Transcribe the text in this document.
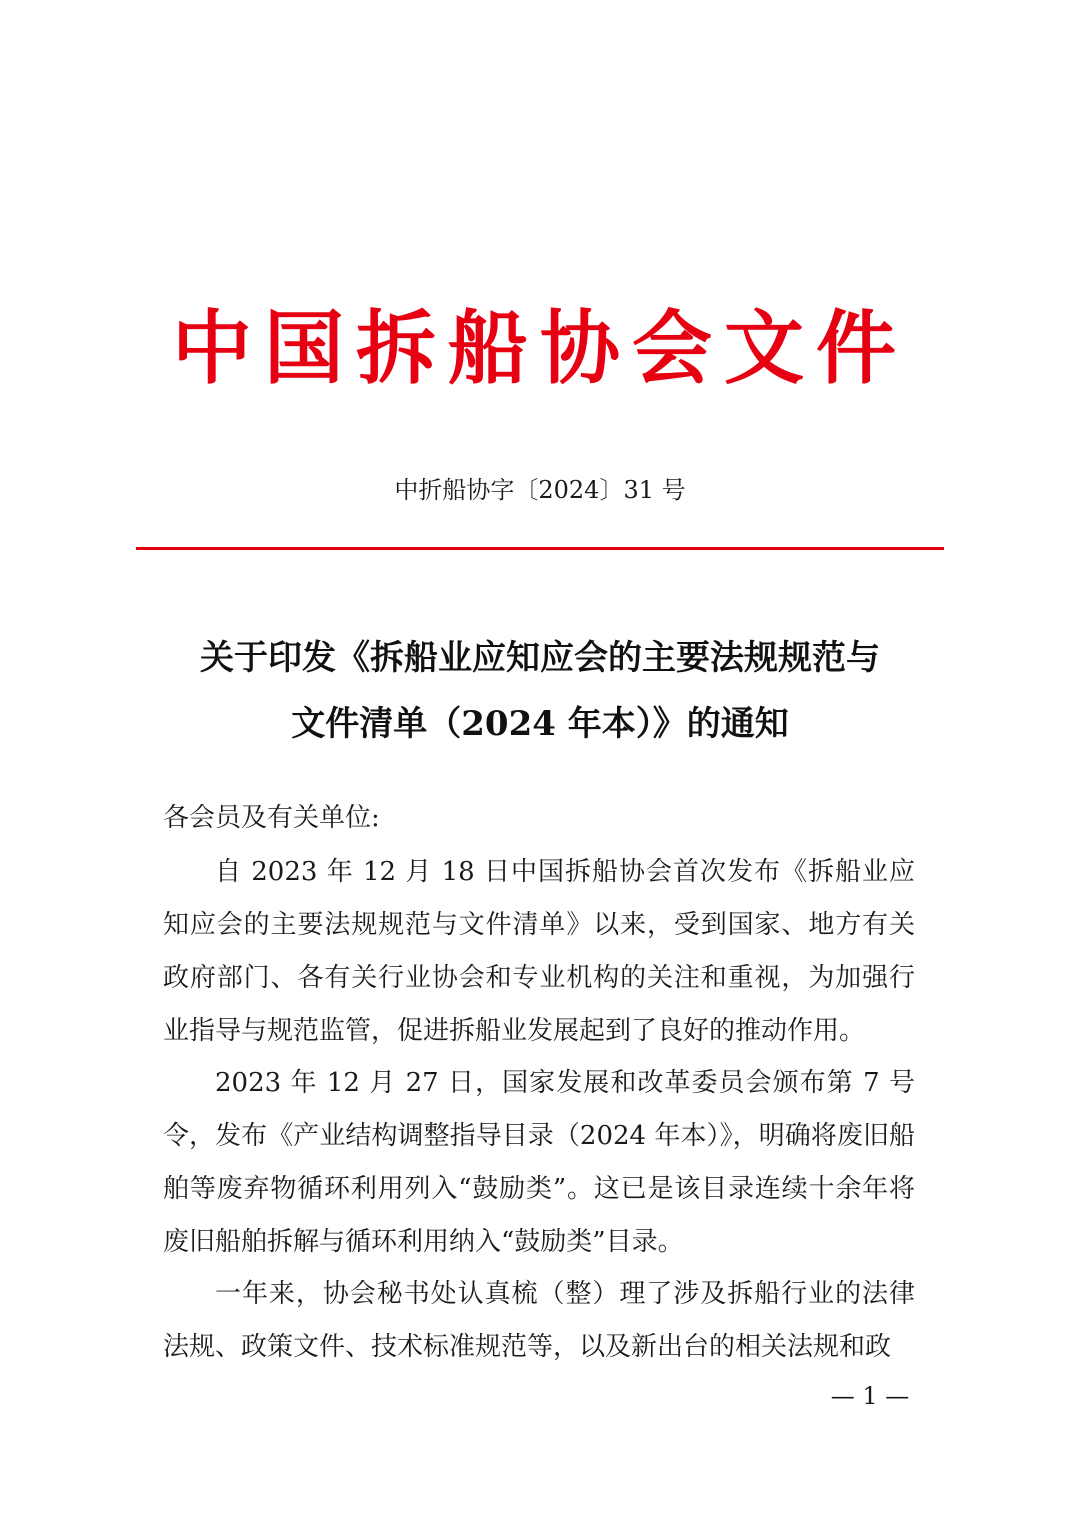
中国拆船协会文件
中折船协字〔2024〕31 号
关于印发《拆船业应知应会的主要法规规范与
文件清单（2024 年本）》的通知
各会员及有关单位:
自 2023 年 12 月 18 日中国拆船协会首次发布《拆船业应知应会的主要法规规范与文件清单》以来，受到国家、地方有关政府部门、各有关行业协会和专业机构的关注和重视，为加强行业指导与规范监管，促进拆船业发展起到了良好的推动作用。
2023 年 12 月 27 日，国家发展和改革委员会颁布第 7 号令，发布《产业结构调整指导目录（2024 年本）》，明确将废旧船舶等废弃物循环利用列入“鼓励类”。这已是该目录连续十余年将废旧船舶拆解与循环利用纳入“鼓励类”目录。
一年来，协会秘书处认真梳（整）理了涉及拆船行业的法律法规、政策文件、技术标准规范等，以及新出台的相关法规和政
— 1 —
